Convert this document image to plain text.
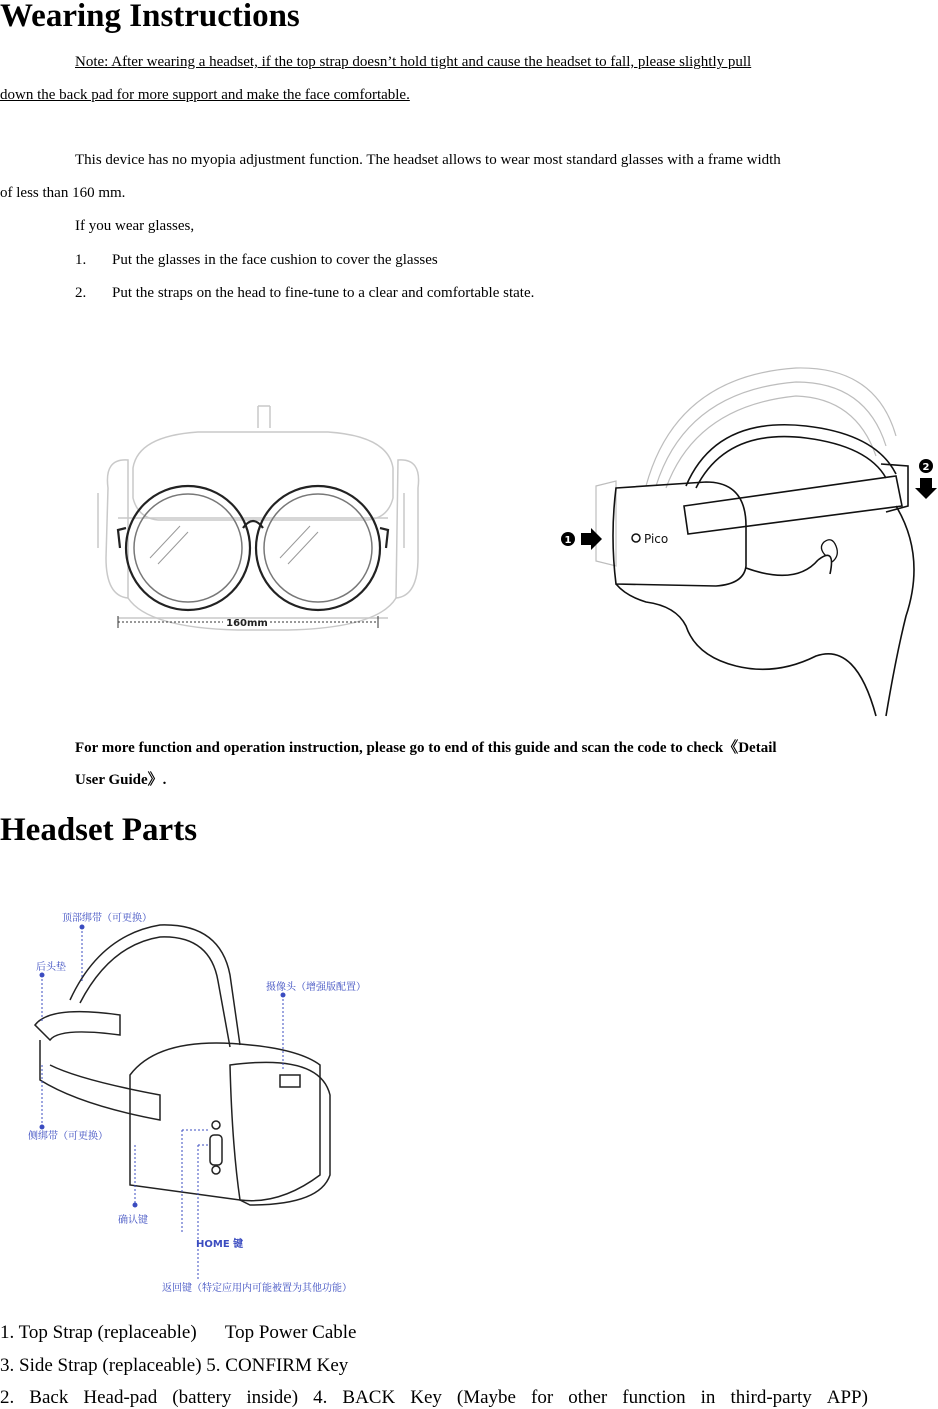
Wearing Instructions
Note: After wearing a headset, if the top strap doesn’t hold tight and cause the headset to fall, please slightly pull
down the back pad for more support and make the face comfortable.
This device has no myopia adjustment function. The headset allows to wear most standard glasses with a frame width
of less than 160 mm.
If you wear glasses,
1. Put the glasses in the face cushion to cover the glasses
2. Put the straps on the head to fine-tune to a clear and comfortable state.
160mm
1
2
Pico
For more function and operation instruction, please go to end of this guide and scan the code to check《Detail
User Guide》.
Headset Parts
顶部绑带（可更换）
后头垫
摄像头（增强版配置）
侧绑带（可更换）
确认键
HOME 键
返回键（特定应用内可能被置为其他功能）
1. Top Strap (replaceable)      Top Power Cable
3. Side Strap (replaceable) 5. CONFIRM Key
2. Back Head-pad (battery inside) 4. BACK Key (Maybe for other function in third-party APP)
